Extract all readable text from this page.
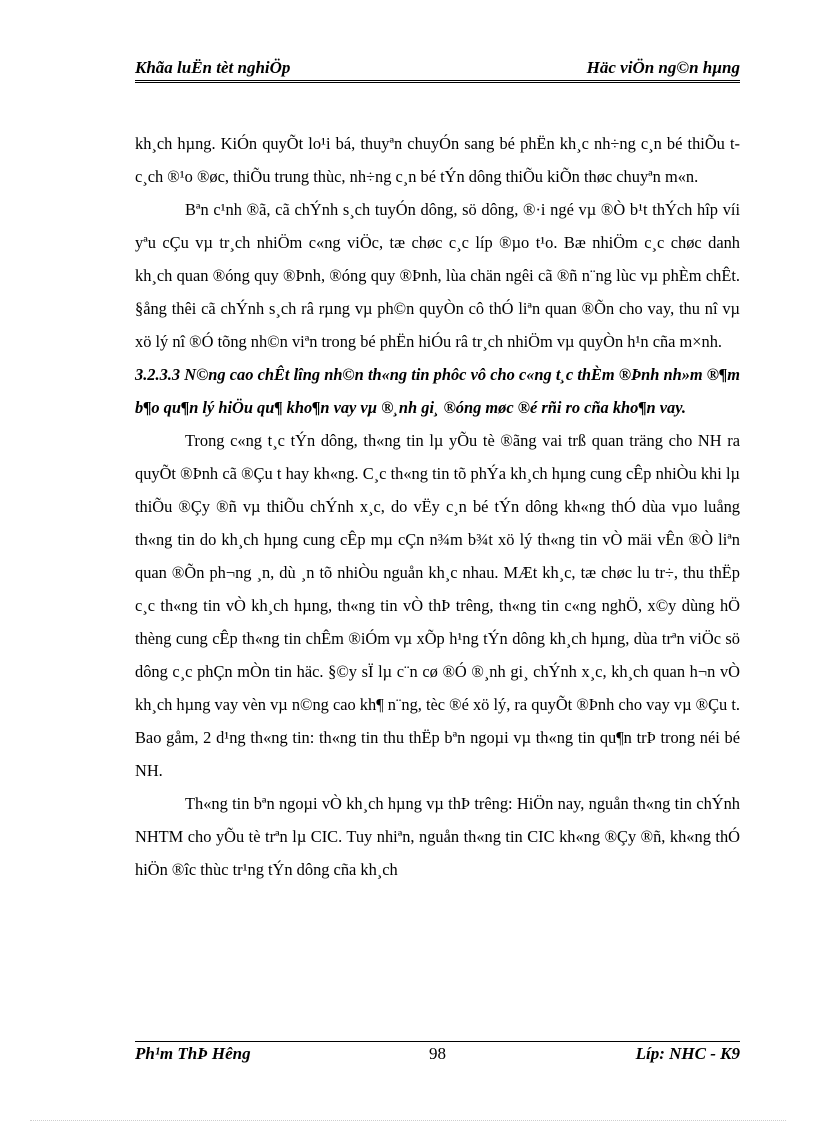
Khãa luËn tèt nghiÖp	Häc viÖn ng©n hµng

kh¸ch hµng. KiÓn quyÕt lo¹i bá, thuyªn chuyÓn sang bé phËn kh¸c nh÷ng c¸n bé thiÕu t c¸ch ®¹o ®øc, thiÕu trung thùc, nh÷ng c¸n bé tÝn dông thiÕu kiÕn thøc chuyªn m«n.

Bªn c¹nh ®ã, cã chÝnh s¸ch tuyÓn dông, sö dông, ®·i ngé vµ ®Ò b¹t thÝch hîp víi yªu cÇu vµ tr¸ch nhiÖm c«ng viÖc, tæ chøc c¸c líp ®µo t¹o. Bæ nhiÖm c¸c chøc danh kh¸ch quan ®óng quy ®Þnh, ®óng quy ®Þnh, lùa chän ngêi cã ®ñ n¨ng lùc vµ phÈm chÊt. §ång thêi cã chÝnh s¸ch râ rµng vµ ph©n quyÒn cô thÓ liªn quan ®Õn cho vay, thu nî vµ xö lý nî ®Ó tõng nh©n viªn trong bé phËn hiÓu râ tr¸ch nhiÖm vµ quyÒn h¹n cña m×nh.

3.2.3.3 N©ng cao chÊt lîng nh©n th«ng tin phôc vô cho c«ng t¸c thÈm ®Þnh nh»m ®¶m b¶o qu¶n lý hiÖu qu¶ kho¶n vay vµ ®¸nh gi¸ ®óng møc ®é rñi ro cña kho¶n vay.

Trong c«ng t¸c tÝn dông, th«ng tin lµ yÕu tè ®ãng vai trß quan träng cho NH ra quyÕt ®Þnh cã ®Çu t hay kh«ng. C¸c th«ng tin tõ phÝa kh¸ch hµng cung cÊp nhiÒu khi lµ thiÕu ®Çy ®ñ vµ thiÕu chÝnh x¸c, do vËy c¸n bé tÝn dông kh«ng thÓ dùa vµo luång th«ng tin do kh¸ch hµng cung cÊp mµ cÇn n¾m b¾t xö lý th«ng tin vÒ mäi vÊn ®Ò liªn quan ®Õn ph¬ng ¸n, dù ¸n tõ nhiÒu nguån kh¸c nhau. MÆt kh¸c, tæ chøc lu tr÷, thu thËp c¸c th«ng tin vÒ kh¸ch hµng, th«ng tin vÒ thÞ trêng, th«ng tin c«ng nghÖ, x©y dùng hÖ thèng cung cÊp th«ng tin chÊm ®iÓm vµ xÕp h¹ng tÝn dông kh¸ch hµng, dùa trªn viÖc sö dông c¸c phÇn mÒn tin häc. §©y sÏ lµ c¨n cø ®Ó ®¸nh gi¸ chÝnh x¸c, kh¸ch quan h¬n vÒ kh¸ch hµng vay vèn vµ n©ng cao kh¶ n¨ng, tèc ®é xö lý, ra quyÕt ®Þnh cho vay vµ ®Çu t. Bao gåm, 2 d¹ng th«ng tin: th«ng tin thu thËp bªn ngoµi vµ th«ng tin qu¶n trÞ trong néi bé NH.

Th«ng tin bªn ngoµi vÒ kh¸ch hµng vµ thÞ trêng: HiÖn nay, nguån th«ng tin chÝnh NHTM cho yÕu tè trªn lµ CIC. Tuy nhiªn, nguån th«ng tin CIC kh«ng ®Çy ®ñ, kh«ng thÓ hiÖn ®îc thùc tr¹ng tÝn dông cña kh¸ch

Ph¹m ThÞ Hêng	98	Líp: NHC - K9
